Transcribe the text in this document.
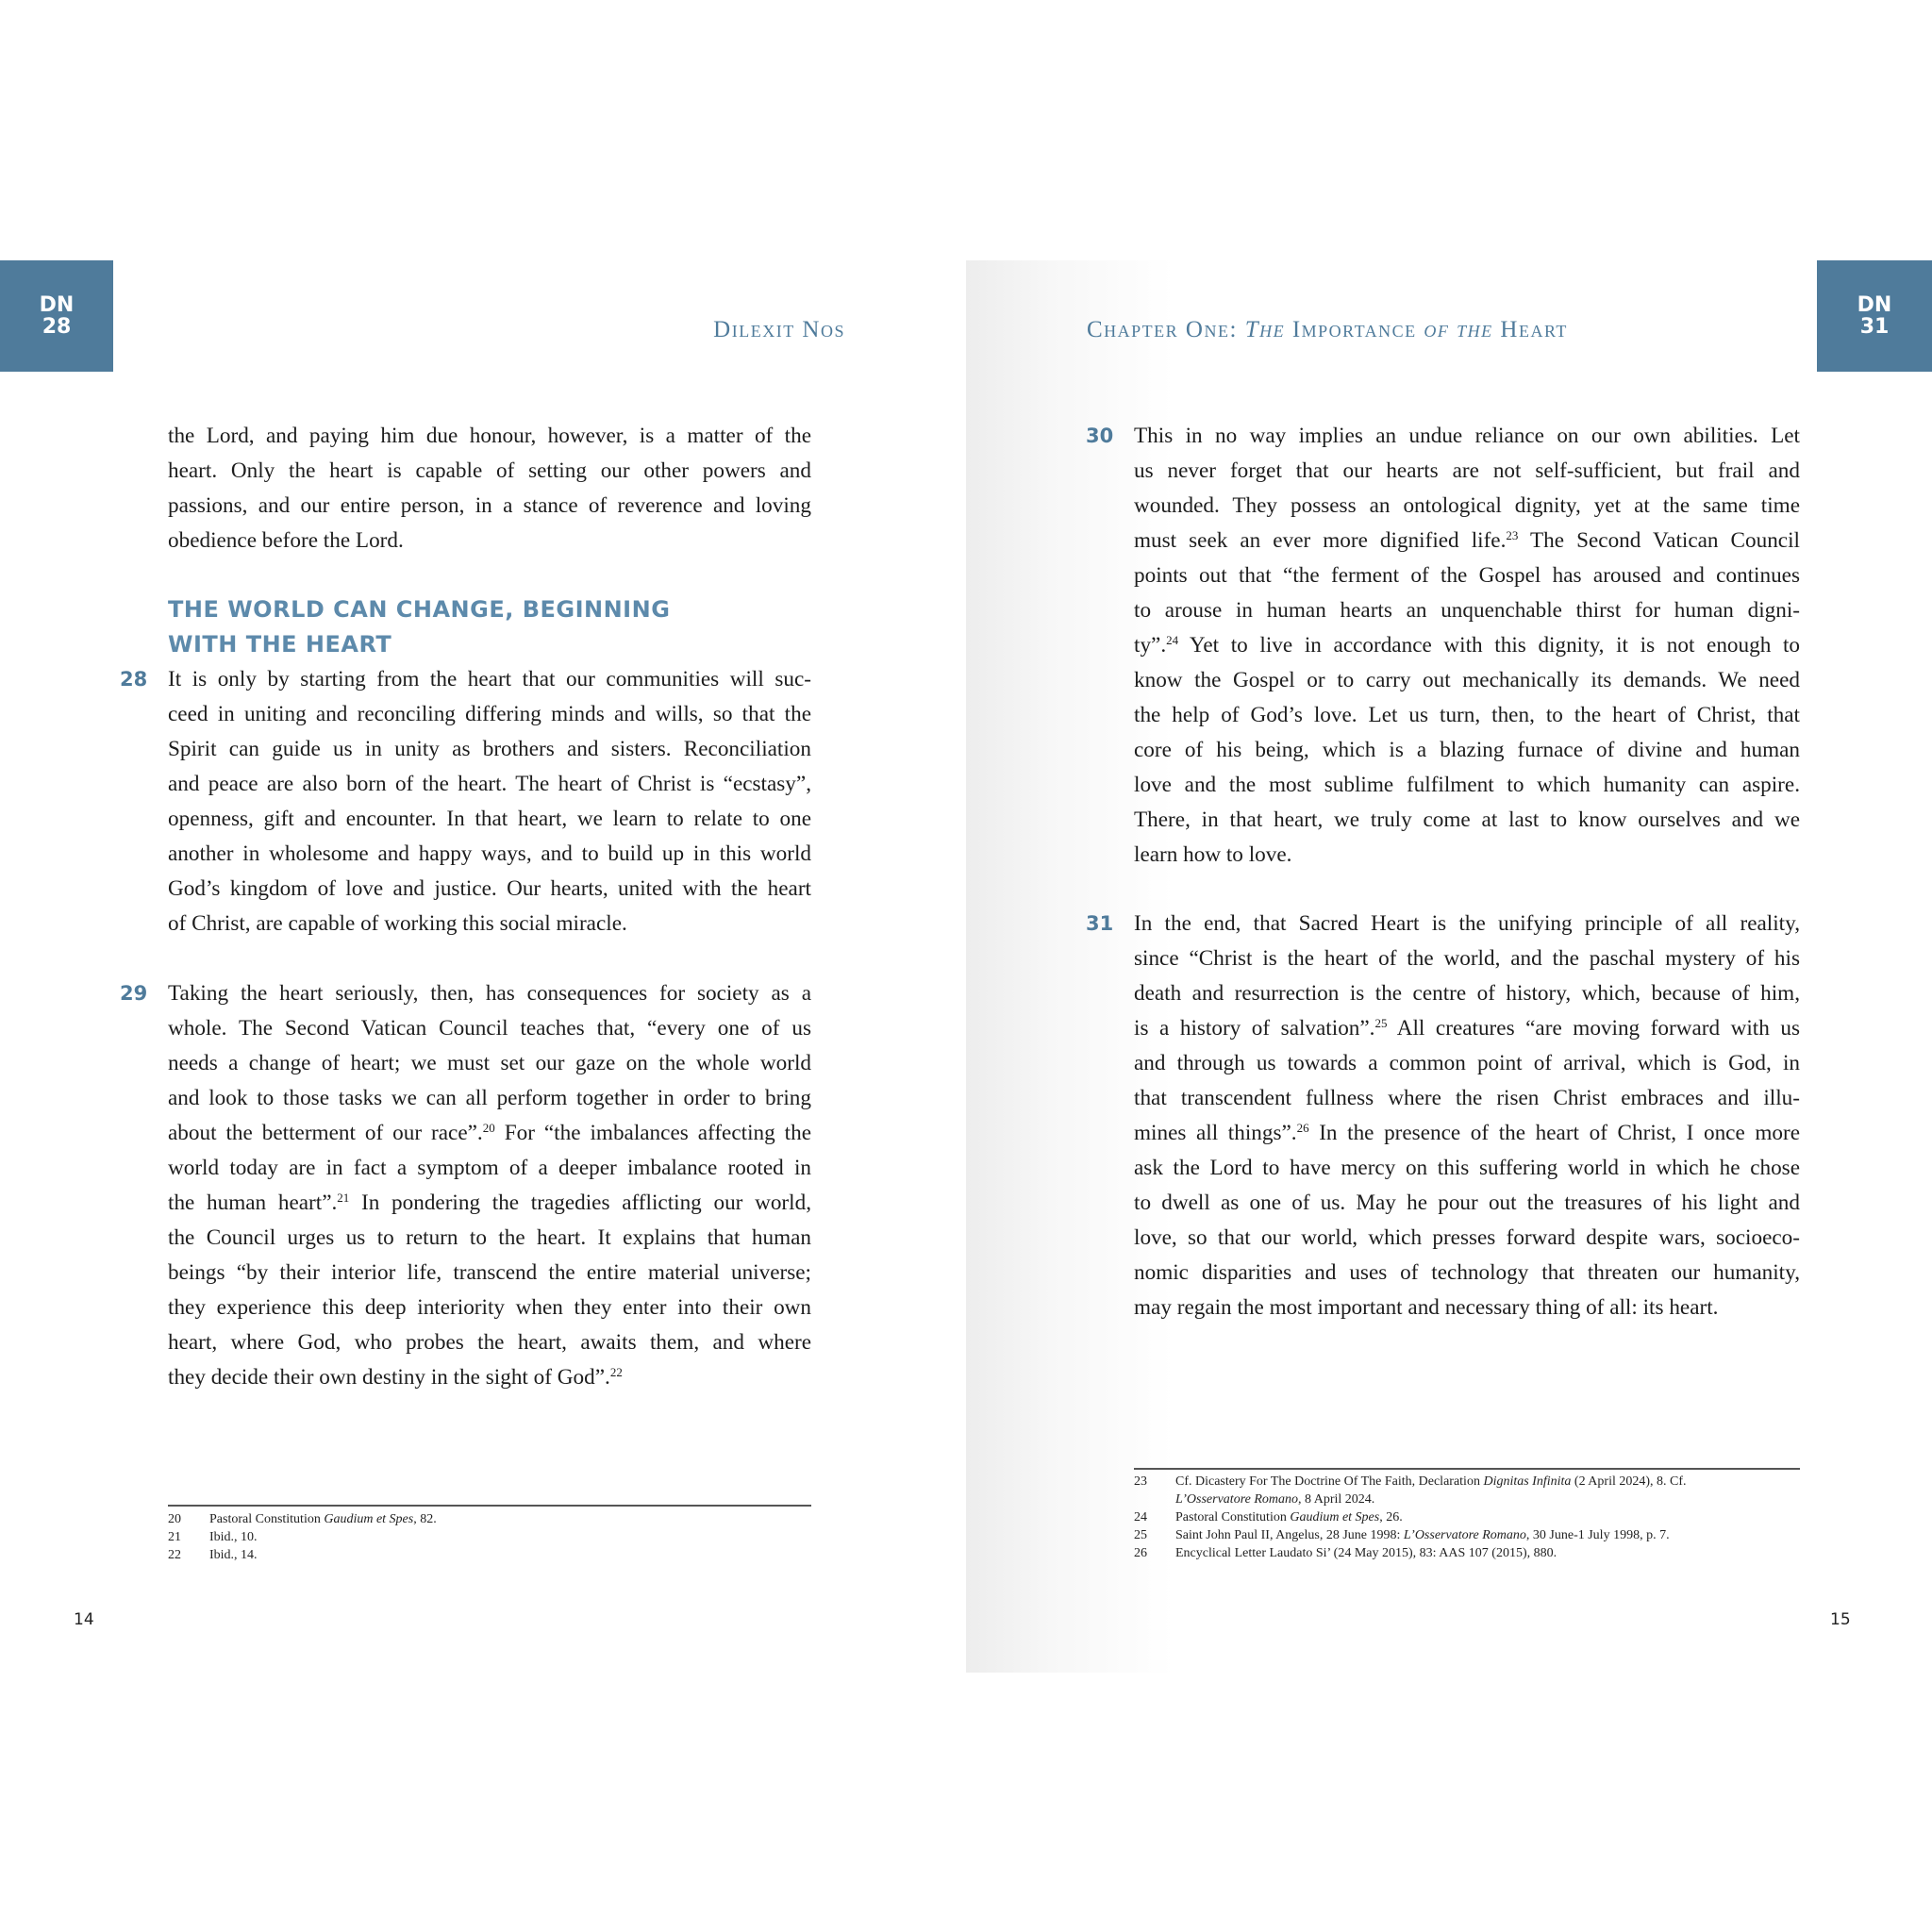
DN
28	Dilexit Nos

the Lord, and paying him due honour, however, is a matter of the

heart. Only the heart is capable of setting our other powers and

passions, and our entire person, in a stance of reverence and loving

obedience before the Lord.

THE WORLD CAN CHANGE, BEGINNING
WITH THE HEART
28 It is only by starting from the heart that our communities will suc-

ceed in uniting and reconciling differing minds and wills, so that the

Spirit can guide us in unity as brothers and sisters. Reconciliation

and peace are also born of the heart. The heart of Christ is “ecstasy”,

openness, gift and encounter. In that heart, we learn to relate to one

another in wholesome and happy ways, and to build up in this world

God’s kingdom of love and justice. Our hearts, united with the heart

of Christ, are capable of working this social miracle.

29 Taking the heart seriously, then, has consequences for society as a

whole. The Second Vatican Council teaches that, “every one of us

needs a change of heart; we must set our gaze on the whole world

and look to those tasks we can all perform together in order to bring

about the betterment of our race”.$^{20}$ For “the imbalances affecting the

world today are in fact a symptom of a deeper imbalance rooted in

the human heart”.$^{21}$ In pondering the tragedies afflicting our world,

the Council urges us to return to the heart. It explains that human

beings “by their interior life, transcend the entire material universe;

they experience this deep interiority when they enter into their own

heart, where God, who probes the heart, awaits them, and where

they decide their own destiny in the sight of God”.$^{22}$

20	Pastoral Constitution Gaudium et Spes, 82.
21	Ibid., 10.
22	Ibid., 14.
14
DN
31
Chapter One: The Importance of the Heart
30 This in no way implies an undue reliance on our own abilities. Let

us never forget that our hearts are not self-sufficient, but frail and

wounded. They possess an ontological dignity, yet at the same time

must seek an ever more dignified life.$^{23}$ The Second Vatican Council

points out that “the ferment of the Gospel has aroused and continues

to arouse in human hearts an unquenchable thirst for human digni-

ty”.$^{24}$ Yet to live in accordance with this dignity, it is not enough to

know the Gospel or to carry out mechanically its demands. We need

the help of God’s love. Let us turn, then, to the heart of Christ, that

core of his being, which is a blazing furnace of divine and human

love and the most sublime fulfilment to which humanity can aspire.

There, in that heart, we truly come at last to know ourselves and we

learn how to love.

31 In the end, that Sacred Heart is the unifying principle of all reality,

since “Christ is the heart of the world, and the paschal mystery of his

death and resurrection is the centre of history, which, because of him,

is a history of salvation”.$^{25}$ All creatures “are moving forward with us

and through us towards a common point of arrival, which is God, in

that transcendent fullness where the risen Christ embraces and illu-

mines all things”.$^{26}$ In the presence of the heart of Christ, I once more

ask the Lord to have mercy on this suffering world in which he chose

to dwell as one of us. May he pour out the treasures of his light and

love, so that our world, which presses forward despite wars, socioeco-

nomic disparities and uses of technology that threaten our humanity,

may regain the most important and necessary thing of all: its heart.

23	Cf. Dicastery For The Doctrine Of The Faith, Declaration Dignitas Infinita (2 April 2024), 8. Cf.
L’Osservatore Romano, 8 April 2024.
24	Pastoral Constitution Gaudium et Spes, 26.
25	Saint John Paul II, Angelus, 28 June 1998: L’Osservatore Romano, 30 June-1 July 1998, p. 7.
26	Encyclical Letter Laudato Si’ (24 May 2015), 83: AAS 107 (2015), 880.
15
